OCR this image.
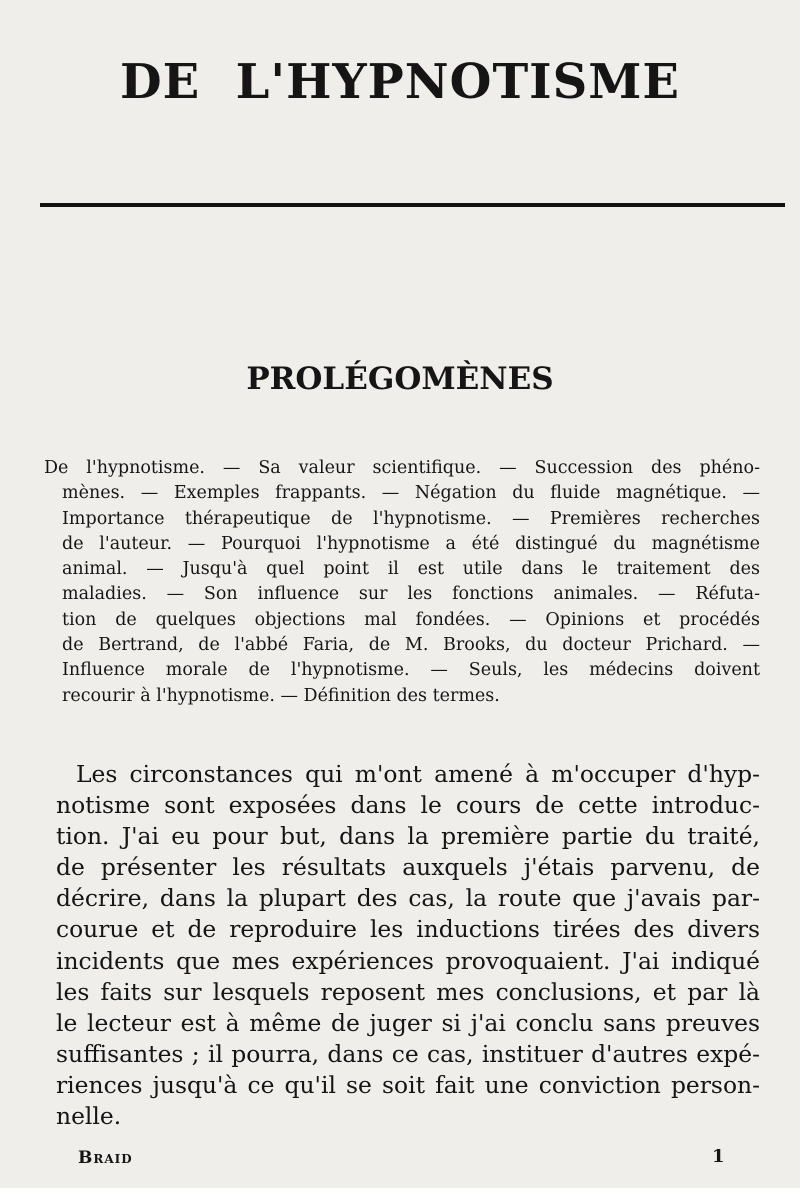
DE  L'HYPNOTISME
PROLÉGOMÈNES
De l'hypnotisme. — Sa valeur scientifique. — Succession des phéno-
mènes. — Exemples frappants. — Négation du fluide magnétique. —
Importance thérapeutique de l'hypnotisme. — Premières recherches
de l'auteur. — Pourquoi l'hypnotisme a été distingué du magnétisme
animal. — Jusqu'à quel point il est utile dans le traitement des
maladies. — Son influence sur les fonctions animales. — Réfuta-
tion de quelques objections mal fondées. — Opinions et procédés
de Bertrand, de l'abbé Faria, de M. Brooks, du docteur Prichard. —
Influence morale de l'hypnotisme. — Seuls, les médecins doivent
recourir à l'hypnotisme. — Définition des termes.
Les circonstances qui m'ont amené à m'occuper d'hyp-
notisme sont exposées dans le cours de cette introduc-
tion. J'ai eu pour but, dans la première partie du traité,
de présenter les résultats auxquels j'étais parvenu, de
décrire, dans la plupart des cas, la route que j'avais par-
courue et de reproduire les inductions tirées des divers
incidents que mes expériences provoquaient. J'ai indiqué
les faits sur lesquels reposent mes conclusions, et par là
le lecteur est à même de juger si j'ai conclu sans preuves
suffisantes ; il pourra, dans ce cas, instituer d'autres expé-
riences jusqu'à ce qu'il se soit fait une conviction person-
nelle.
Braid	1
